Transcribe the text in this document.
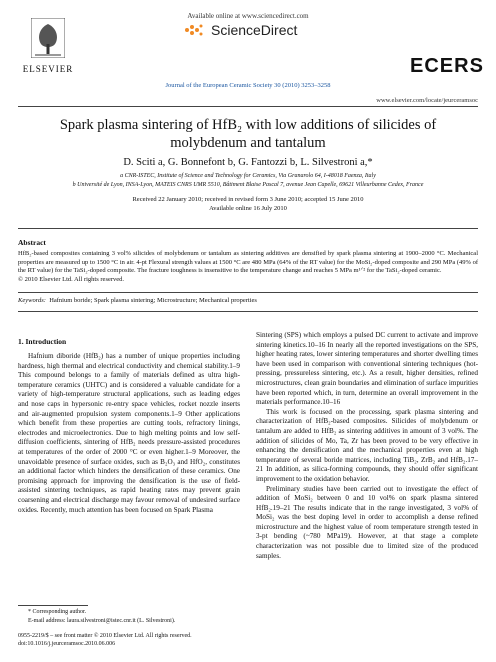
Available online at www.sciencedirect.com
ScienceDirect
ELSEVIER	ECERS
Journal of the European Ceramic Society 30 (2010) 3253–3258
www.elsevier.com/locate/jeurceramsoc
Spark plasma sintering of HfB₂ with low additions of silicides of
molybdenum and tantalum
D. Sciti a, G. Bonnefont b, G. Fantozzi b, L. Silvestroni a,*
a CNR-ISTEC, Institute of Science and Technology for Ceramics, Via Granarolo 64, I-48018 Faenza, Italy
b Université de Lyon, INSA-Lyon, MATEIS CNRS UMR 5510, Bâtiment Blaise Pascal 7, avenue Jean Capelle, 69621 Villeurbanne Cedex, France
Received 22 January 2010; received in revised form 3 June 2010; accepted 15 June 2010
Available online 16 July 2010
Abstract
HfB₂-based composites containing 3 vol% silicides of molybdenum or tantalum as sintering additives are densified by spark plasma sintering at 1900–2000 °C. Mechanical properties are measured up to 1500 °C in air. 4-pt Flexural strength values at 1500 °C are 480 MPa (64% of the RT value) for the MoSi₂-doped composite and 290 MPa (49% of the RT value) for the TaSi₂-doped composite. The fracture toughness is insensitive to the temperature change and reaches 5 MPa m¹ᐟ² for the TaSi₂-doped ceramic.
© 2010 Elsevier Ltd. All rights reserved.
Keywords: Hafnium boride; Spark plasma sintering; Microstructure; Mechanical properties
1. Introduction

Hafnium diboride (HfB₂) has a number of unique properties including hardness, high thermal and electrical conductivity and chemical stability.1–9 This compound belongs to a family of materials defined as ultra high-temperature ceramics (UHTC) and is considered a valuable candidate for a variety of high-temperature structural applications, such as leading edges and nose caps in hypersonic re-entry space vehicles, rocket nozzle inserts and air-augmented propulsion system components.1–9 Other applications which benefit from these properties are cutting tools, refractory linings, electrodes and microelectronics. Due to high melting points and low self-diffusion coefficients, sintering of HfB₂ needs pressure-assisted procedures at temperatures of the order of 2000 °C or even higher.1–9 Moreover, the unavoidable presence of surface oxides, such as B₂O₃ and HfO₂, constitutes an additional factor which hinders the densification of these ceramics. One promising approach for improving the densification is the use of field-assisted sintering techniques, as rapid heating rates may prevent grain coarsening and electrical discharge may favour removal of undesired surface oxides. Recently, much attention has been focused on Spark Plasma

Sintering (SPS) which employs a pulsed DC current to activate and improve sintering kinetics.10–16 In nearly all the reported investigations on the SPS, higher heating rates, lower sintering temperatures and shorter dwelling times have been used in comparison with conventional sintering techniques (hot-pressing, pressureless sintering, etc.). As a result, higher densities, refined microstructures, clean grain boundaries and elimination of surface impurities have been reported which, in turn, determine an overall improvement in the materials performance.10–16

This work is focused on the processing, spark plasma sintering and characterization of HfB₂-based composites. Silicides of molybdenum or tantalum are added to HfB₂ as sintering additives in amount of 3 vol%. The addition of silicides of Mo, Ta, Zr has been proved to be very effective in enhancing the densification and the mechanical properties even at high temperature of several boride matrices, including TiB₂, ZrB₂ and HfB₂.17–21 In addition, as silica-forming compounds, they should offer significant improvement to the oxidation behavior.

Preliminary studies have been carried out to investigate the effect of addition of MoSi₂ between 0 and 10 vol% on spark plasma sintered HfB₂.19–21 The results indicate that in the range investigated, 3 vol% of MoSi₂ was the best doping level in order to accomplish a dense refined microstructure and the highest value of room temperature strength tested in 3-pt bending (~780 MPa19). However, at that stage a complete characterization was not possible due to limited size of the produced samples.

* Corresponding author.
E-mail address: laura.silvestroni@istec.cnr.it (L. Silvestroni).
0955-2219/$ – see front matter © 2010 Elsevier Ltd. All rights reserved.
doi:10.1016/j.jeurceramsoc.2010.06.006
